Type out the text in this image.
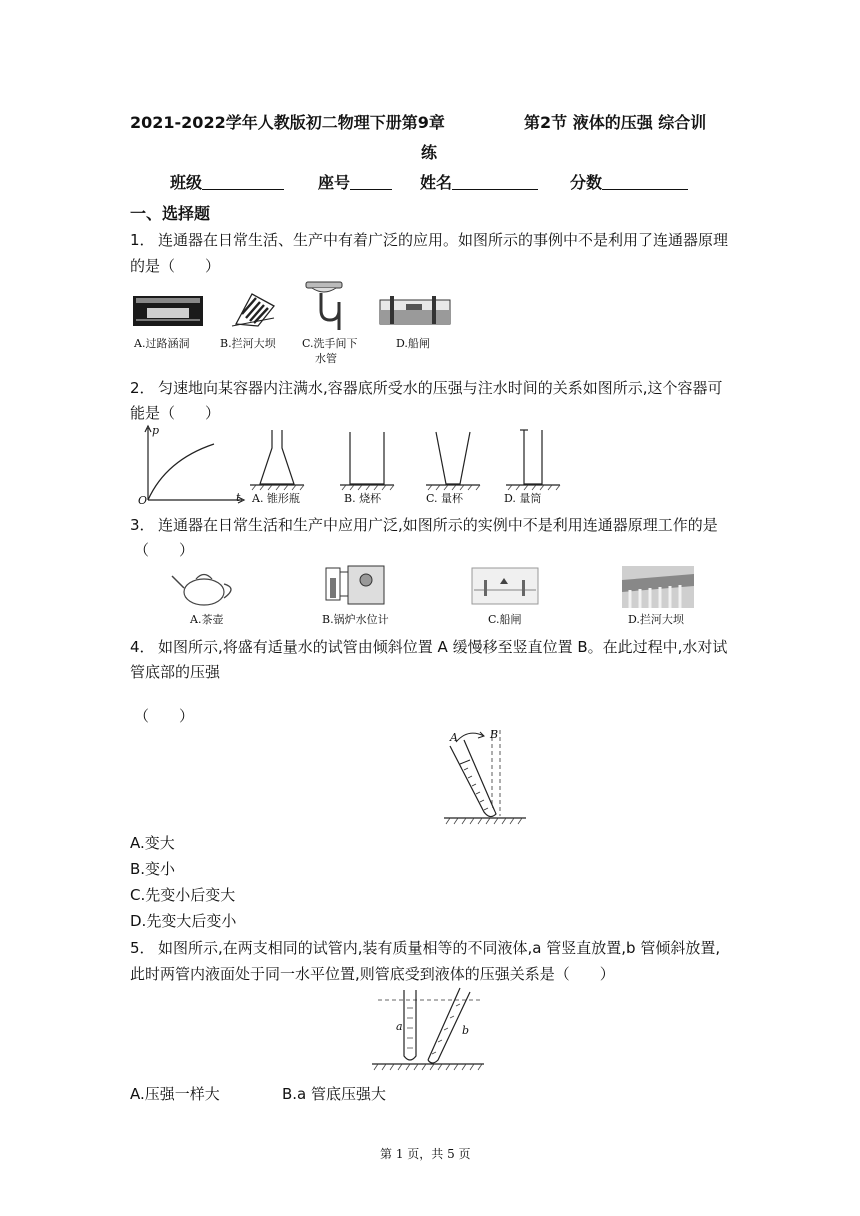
2021-2022学年人教版初二物理下册第9章	第2节 液体的压强 综合训
练
班级	座号	姓名	分数
一、选择题
1． 连通器在日常生活、生产中有着广泛的应用。如图所示的事例中不是利用了连通器原理
的是（　　）
A.过路涵洞	B.拦河大坝 C.洗手间下
水管
D.船闸
2． 匀速地向某容器内注满水,容器底所受水的压强与注水时间的关系如图所示,这个容器可
能是（　　）
p
t
O	A. 锥形瓶	B. 烧杯	C. 量杯	D. 量筒
3． 连通器在日常生活和生产中应用广泛,如图所示的实例中不是利用连通器原理工作的是
（　　）
A.茶壶	B.锅炉水位计	C.船闸	D.拦河大坝
4． 如图所示,将盛有适量水的试管由倾斜位置 A 缓慢移至竖直位置 B。在此过程中,水对试
管底部的压强
（　　）
A	B
A.变大
B.变小
C.先变小后变大
D.先变大后变小
5． 如图所示,在两支相同的试管内,装有质量相等的不同液体,a 管竖直放置,b 管倾斜放置,
此时两管内液面处于同一水平位置,则管底受到液体的压强关系是（　　）
a	b
A.压强一样大	B.a 管底压强大
第 1 页，共 5 页
